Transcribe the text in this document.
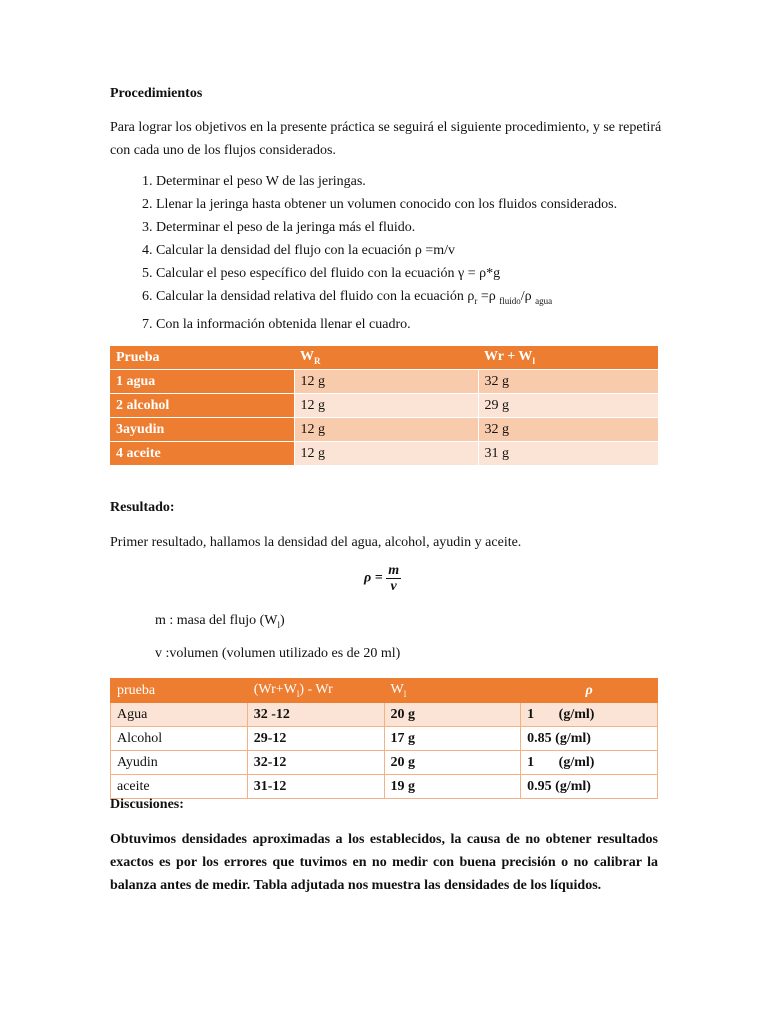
Procedimientos
Para lograr los objetivos en la presente práctica se seguirá el siguiente procedimiento, y se repetirá
con cada uno de los flujos considerados.
1. Determinar el peso W de las jeringas.
2. Llenar la jeringa hasta obtener un volumen conocido con los fluidos considerados.
3. Determinar el peso de la jeringa más el fluido.
4. Calcular la densidad del flujo con la ecuación ρ =m/v
5. Calcular el peso específico del fluido con la ecuación γ = ρ*g
6. Calcular la densidad relativa del fluido con la ecuación $\rho_r =\rho$ $_{fluido}$/ρ $_{agua}$
7. Con la información obtenida llenar el cuadro.
Prueba	$W_R$	$Wr + W_l$
1 agua	12 g	32 g
2 alcohol	12 g	29 g
3ayudin	12 g	32 g
4 aceite	12 g	31 g
Resultado:
Primer resultado, hallamos la densidad del agua, alcohol, ayudin y aceite.
$\rho = \frac{m}{v}$
m : masa del flujo $(W_l)$
v :volumen (volumen utilizado es de 20 ml)
prueba	$(Wr+W_l) - Wr$	$W_l$	ρ
Agua	32 -12	20 g	1       (g/ml)
Alcohol	29-12	17 g	0.85 (g/ml)
Ayudin	32-12	20 g	1       (g/ml)
aceite	31-12	19 g	0.95 (g/ml)
Discusiones:
Obtuvimos densidades aproximadas a los establecidos, la causa de no obtener resultados
exactos es por los errores que tuvimos en no medir con buena precisión o no calibrar la
balanza antes de medir. Tabla adjutada nos muestra las densidades de los líquidos.
